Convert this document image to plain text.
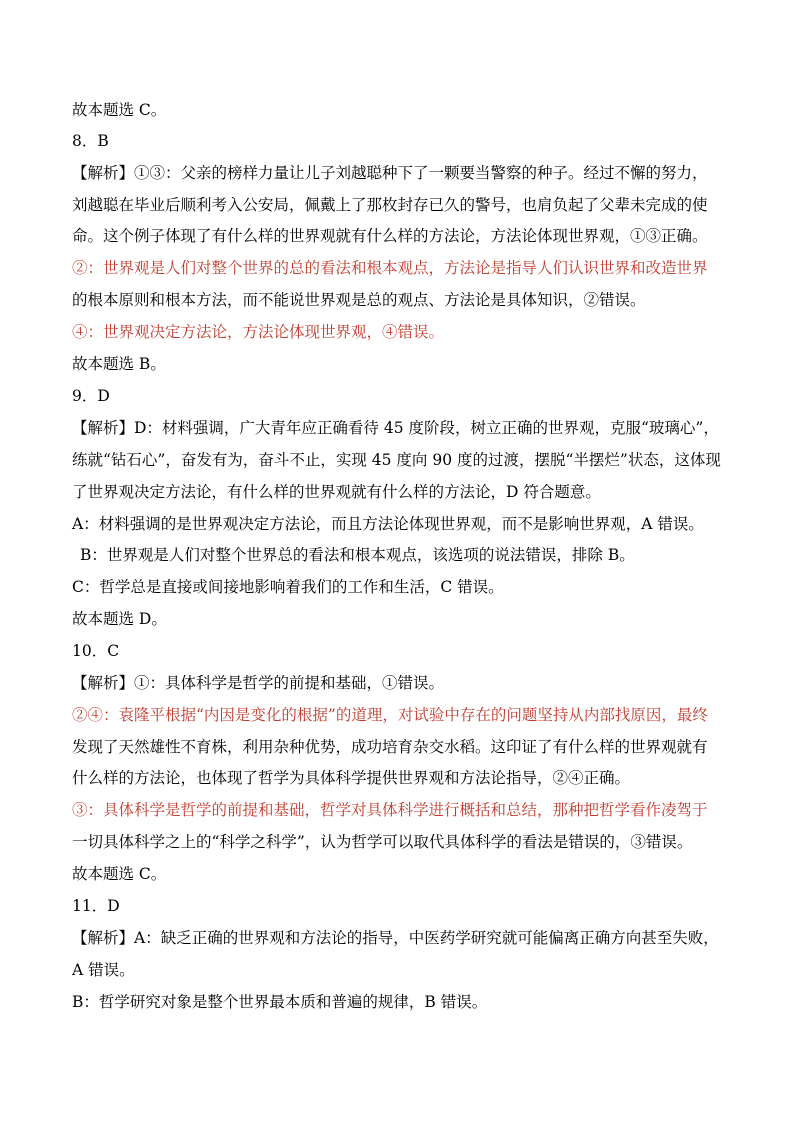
故本题选 C。
8．B
【解析】①③：父亲的榜样力量让儿子刘越聪种下了一颗要当警察的种子。经过不懈的努力，
刘越聪在毕业后顺利考入公安局，佩戴上了那枚封存已久的警号，也肩负起了父辈未完成的使
命。这个例子体现了有什么样的世界观就有什么样的方法论，方法论体现世界观，①③正确。
②：世界观是人们对整个世界的总的看法和根本观点，方法论是指导人们认识世界和改造世界
的根本原则和根本方法，而不能说世界观是总的观点、方法论是具体知识，②错误。
④：世界观决定方法论，方法论体现世界观，④错误。
故本题选 B。
9．D
【解析】D：材料强调，广大青年应正确看待 45 度阶段，树立正确的世界观，克服“玻璃心”，
练就“钻石心”，奋发有为，奋斗不止，实现 45 度向 90 度的过渡，摆脱“半摆烂”状态，这体现
了世界观决定方法论，有什么样的世界观就有什么样的方法论，D 符合题意。
A：材料强调的是世界观决定方法论，而且方法论体现世界观，而不是影响世界观，A 错误。
B：世界观是人们对整个世界总的看法和根本观点，该选项的说法错误，排除 B。
C：哲学总是直接或间接地影响着我们的工作和生活，C 错误。
故本题选 D。
10．C
【解析】①：具体科学是哲学的前提和基础，①错误。
②④：袁隆平根据“内因是变化的根据”的道理，对试验中存在的问题坚持从内部找原因，最终
发现了天然雄性不育株，利用杂种优势，成功培育杂交水稻。这印证了有什么样的世界观就有
什么样的方法论，也体现了哲学为具体科学提供世界观和方法论指导，②④正确。
③：具体科学是哲学的前提和基础，哲学对具体科学进行概括和总结，那种把哲学看作凌驾于
一切具体科学之上的“科学之科学”，认为哲学可以取代具体科学的看法是错误的，③错误。
故本题选 C。
11．D
【解析】A：缺乏正确的世界观和方法论的指导，中医药学研究就可能偏离正确方向甚至失败，
A 错误。
B：哲学研究对象是整个世界最本质和普遍的规律，B 错误。
